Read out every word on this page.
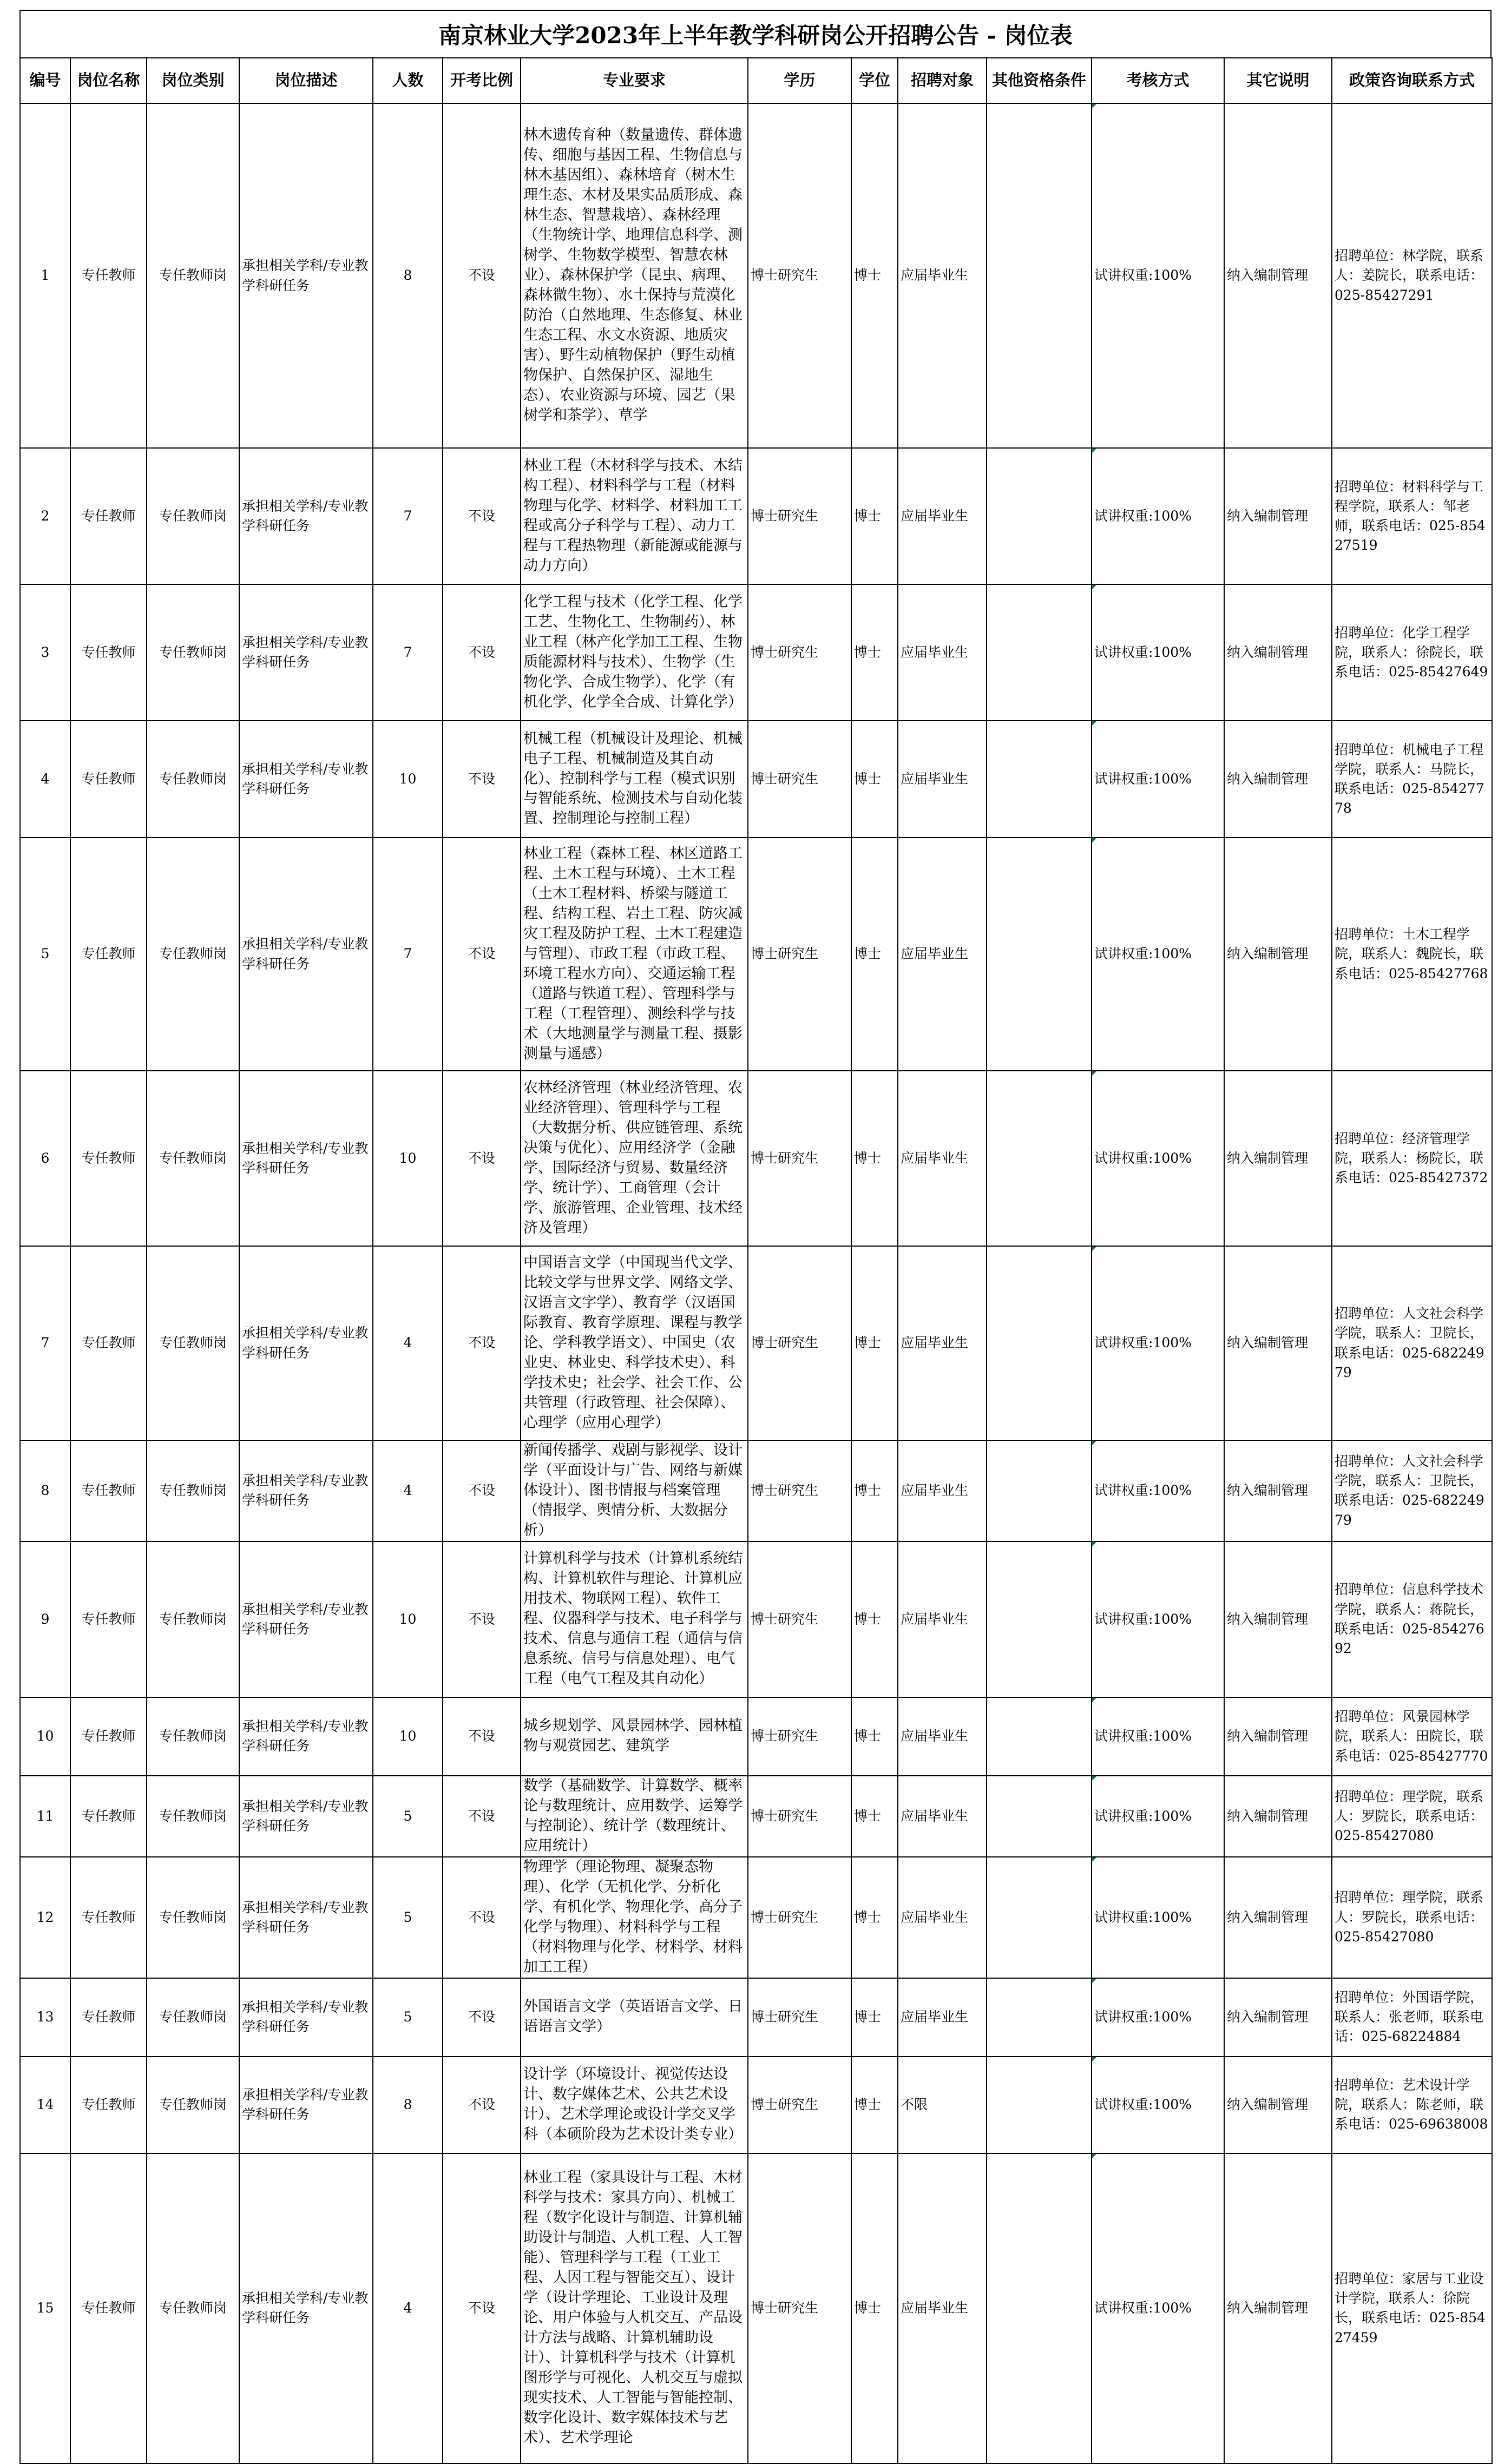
南京林业大学2023年上半年教学科研岗公开招聘公告 - 岗位表
编号	岗位名称	岗位类别	岗位描述	人数	开考比例	专业要求	学历	学位	招聘对象	其他资格条件	考核方式	其它说明	政策咨询联系方式
1	专任教师	专任教师岗	承担相关学科/专业教学科研任务	8	不设	林木遗传育种（数量遗传、群体遗传、细胞与基因工程、生物信息与林木基因组）、森林培育（树木生理生态、木材及果实品质形成、森林生态、智慧栽培）、森林经理（生物统计学、地理信息科学、测树学、生物数学模型、智慧农林业）、森林保护学（昆虫、病理、森林微生物）、水土保持与荒漠化防治（自然地理、生态修复、林业生态工程、水文水资源、地质灾害）、野生动植物保护（野生动植物保护、自然保护区、湿地生态）、农业资源与环境、园艺（果树学和茶学）、草学	博士研究生	博士	应届毕业生		试讲权重:100%	纳入编制管理	招聘单位：林学院，联系人：姜院长，联系电话：025-85427291
2	专任教师	专任教师岗	承担相关学科/专业教学科研任务	7	不设	林业工程（木材科学与技术、木结构工程）、材料科学与工程（材料物理与化学、材料学、材料加工工程或高分子科学与工程）、动力工程与工程热物理（新能源或能源与动力方向）	博士研究生	博士	应届毕业生		试讲权重:100%	纳入编制管理	招聘单位：材料科学与工程学院，联系人：邹老师，联系电话：025-85427519
3	专任教师	专任教师岗	承担相关学科/专业教学科研任务	7	不设	化学工程与技术（化学工程、化学工艺、生物化工、生物制药）、林业工程（林产化学加工工程、生物质能源材料与技术）、生物学（生物化学、合成生物学）、化学（有机化学、化学全合成、计算化学）	博士研究生	博士	应届毕业生		试讲权重:100%	纳入编制管理	招聘单位：化学工程学院，联系人：徐院长，联系电话：025-85427649
4	专任教师	专任教师岗	承担相关学科/专业教学科研任务	10	不设	机械工程（机械设计及理论、机械电子工程、机械制造及其自动化）、控制科学与工程（模式识别与智能系统、检测技术与自动化装置、控制理论与控制工程）	博士研究生	博士	应届毕业生		试讲权重:100%	纳入编制管理	招聘单位：机械电子工程学院，联系人：马院长，联系电话：025-85427778
5	专任教师	专任教师岗	承担相关学科/专业教学科研任务	7	不设	林业工程（森林工程、林区道路工程、土木工程与环境）、土木工程（土木工程材料、桥梁与隧道工程、结构工程、岩土工程、防灾减灾工程及防护工程、土木工程建造与管理）、市政工程（市政工程、环境工程水方向）、交通运输工程（道路与铁道工程）、管理科学与工程（工程管理）、测绘科学与技术（大地测量学与测量工程、摄影测量与遥感）	博士研究生	博士	应届毕业生		试讲权重:100%	纳入编制管理	招聘单位：土木工程学院，联系人：魏院长，联系电话：025-85427768
6	专任教师	专任教师岗	承担相关学科/专业教学科研任务	10	不设	农林经济管理（林业经济管理、农业经济管理）、管理科学与工程（大数据分析、供应链管理、系统决策与优化）、应用经济学（金融学、国际经济与贸易、数量经济学、统计学）、工商管理（会计学、旅游管理、企业管理、技术经济及管理）	博士研究生	博士	应届毕业生		试讲权重:100%	纳入编制管理	招聘单位：经济管理学院，联系人：杨院长，联系电话：025-85427372
7	专任教师	专任教师岗	承担相关学科/专业教学科研任务	4	不设	中国语言文学（中国现当代文学、比较文学与世界文学、网络文学、汉语言文字学）、教育学（汉语国际教育、教育学原理、课程与教学论、学科教学语文）、中国史（农业史、林业史、科学技术史）、科学技术史；社会学、社会工作、公共管理（行政管理、社会保障）、心理学（应用心理学）	博士研究生	博士	应届毕业生		试讲权重:100%	纳入编制管理	招聘单位：人文社会科学学院，联系人：卫院长，联系电话：025-68224979
8	专任教师	专任教师岗	承担相关学科/专业教学科研任务	4	不设	新闻传播学、戏剧与影视学、设计学（平面设计与广告、网络与新媒体设计）、图书情报与档案管理（情报学、舆情分析、大数据分析）	博士研究生	博士	应届毕业生		试讲权重:100%	纳入编制管理	招聘单位：人文社会科学学院，联系人：卫院长，联系电话：025-68224979
9	专任教师	专任教师岗	承担相关学科/专业教学科研任务	10	不设	计算机科学与技术（计算机系统结构、计算机软件与理论、计算机应用技术、物联网工程）、软件工程、仪器科学与技术、电子科学与技术、信息与通信工程（通信与信息系统、信号与信息处理）、电气工程（电气工程及其自动化）	博士研究生	博士	应届毕业生		试讲权重:100%	纳入编制管理	招聘单位：信息科学技术学院，联系人：蒋院长，联系电话：025-85427692
10	专任教师	专任教师岗	承担相关学科/专业教学科研任务	10	不设	城乡规划学、风景园林学、园林植物与观赏园艺、建筑学	博士研究生	博士	应届毕业生		试讲权重:100%	纳入编制管理	招聘单位：风景园林学院，联系人：田院长，联系电话：025-85427770
11	专任教师	专任教师岗	承担相关学科/专业教学科研任务	5	不设	数学（基础数学、计算数学、概率论与数理统计、应用数学、运筹学与控制论）、统计学（数理统计、应用统计）	博士研究生	博士	应届毕业生		试讲权重:100%	纳入编制管理	招聘单位：理学院，联系人：罗院长，联系电话：025-85427080
12	专任教师	专任教师岗	承担相关学科/专业教学科研任务	5	不设	物理学（理论物理、凝聚态物理）、化学（无机化学、分析化学、有机化学、物理化学、高分子化学与物理）、材料科学与工程（材料物理与化学、材料学、材料加工工程）	博士研究生	博士	应届毕业生		试讲权重:100%	纳入编制管理	招聘单位：理学院，联系人：罗院长，联系电话：025-85427080
13	专任教师	专任教师岗	承担相关学科/专业教学科研任务	5	不设	外国语言文学（英语语言文学、日语语言文学）	博士研究生	博士	应届毕业生		试讲权重:100%	纳入编制管理	招聘单位：外国语学院，联系人：张老师，联系电话：025-68224884
14	专任教师	专任教师岗	承担相关学科/专业教学科研任务	8	不设	设计学（环境设计、视觉传达设计、数字媒体艺术、公共艺术设计）、艺术学理论或设计学交叉学科（本硕阶段为艺术设计类专业）	博士研究生	博士	不限		试讲权重:100%	纳入编制管理	招聘单位：艺术设计学院，联系人：陈老师，联系电话：025-69638008
15	专任教师	专任教师岗	承担相关学科/专业教学科研任务	4	不设	林业工程（家具设计与工程、木材科学与技术：家具方向）、机械工程（数字化设计与制造、计算机辅助设计与制造、人机工程、人工智能）、管理科学与工程（工业工程、人因工程与智能交互）、设计学（设计学理论、工业设计及理论、用户体验与人机交互、产品设计方法与战略、计算机辅助设计）、计算机科学与技术（计算机图形学与可视化、人机交互与虚拟现实技术、人工智能与智能控制、数字化设计、数字媒体技术与艺术）、艺术学理论	博士研究生	博士	应届毕业生		试讲权重:100%	纳入编制管理	招聘单位：家居与工业设计学院，联系人：徐院长，联系电话：025-85427459
